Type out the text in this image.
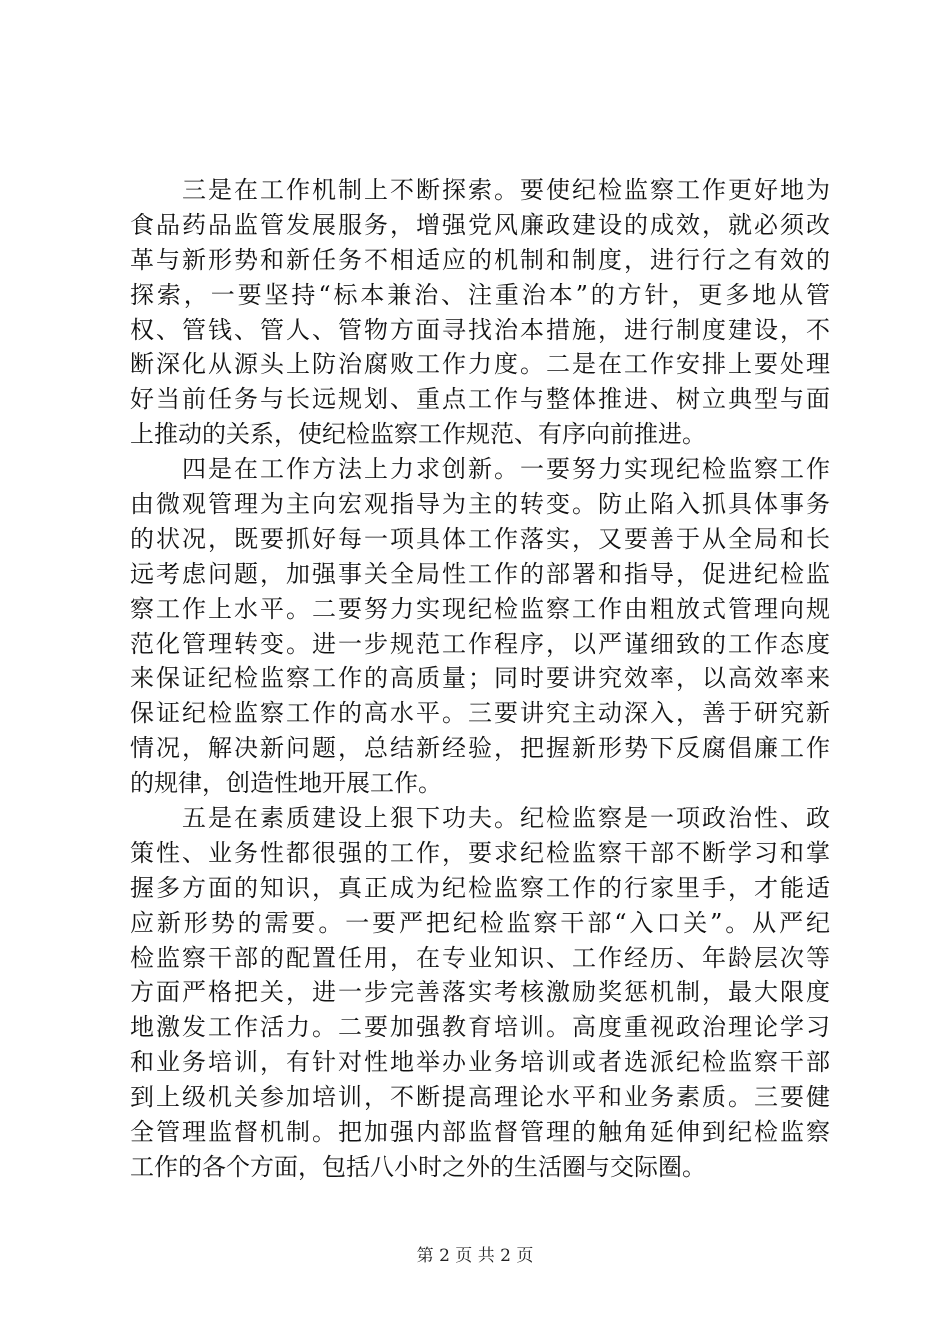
　　三是在工作机制上不断探索。要使纪检监察工作更好地为
食品药品监管发展服务，增强党风廉政建设的成效，就必须改
革与新形势和新任务不相适应的机制和制度，进行行之有效的
探索，一要坚持“标本兼治、注重治本”的方针，更多地从管
权、管钱、管人、管物方面寻找治本措施，进行制度建设，不
断深化从源头上防治腐败工作力度。二是在工作安排上要处理
好当前任务与长远规划、重点工作与整体推进、树立典型与面
上推动的关系，使纪检监察工作规范、有序向前推进。
　　四是在工作方法上力求创新。一要努力实现纪检监察工作
由微观管理为主向宏观指导为主的转变。防止陷入抓具体事务
的状况，既要抓好每一项具体工作落实，又要善于从全局和长
远考虑问题，加强事关全局性工作的部署和指导，促进纪检监
察工作上水平。二要努力实现纪检监察工作由粗放式管理向规
范化管理转变。进一步规范工作程序，以严谨细致的工作态度
来保证纪检监察工作的高质量；同时要讲究效率，以高效率来
保证纪检监察工作的高水平。三要讲究主动深入，善于研究新
情况，解决新问题，总结新经验，把握新形势下反腐倡廉工作
的规律，创造性地开展工作。
　　五是在素质建设上狠下功夫。纪检监察是一项政治性、政
策性、业务性都很强的工作，要求纪检监察干部不断学习和掌
握多方面的知识，真正成为纪检监察工作的行家里手，才能适
应新形势的需要。一要严把纪检监察干部“入口关”。从严纪
检监察干部的配置任用，在专业知识、工作经历、年龄层次等
方面严格把关，进一步完善落实考核激励奖惩机制，最大限度
地激发工作活力。二要加强教育培训。高度重视政治理论学习
和业务培训，有针对性地举办业务培训或者选派纪检监察干部
到上级机关参加培训，不断提高理论水平和业务素质。三要健
全管理监督机制。把加强内部监督管理的触角延伸到纪检监察
工作的各个方面，包括八小时之外的生活圈与交际圈。
第 2 页 共 2 页
